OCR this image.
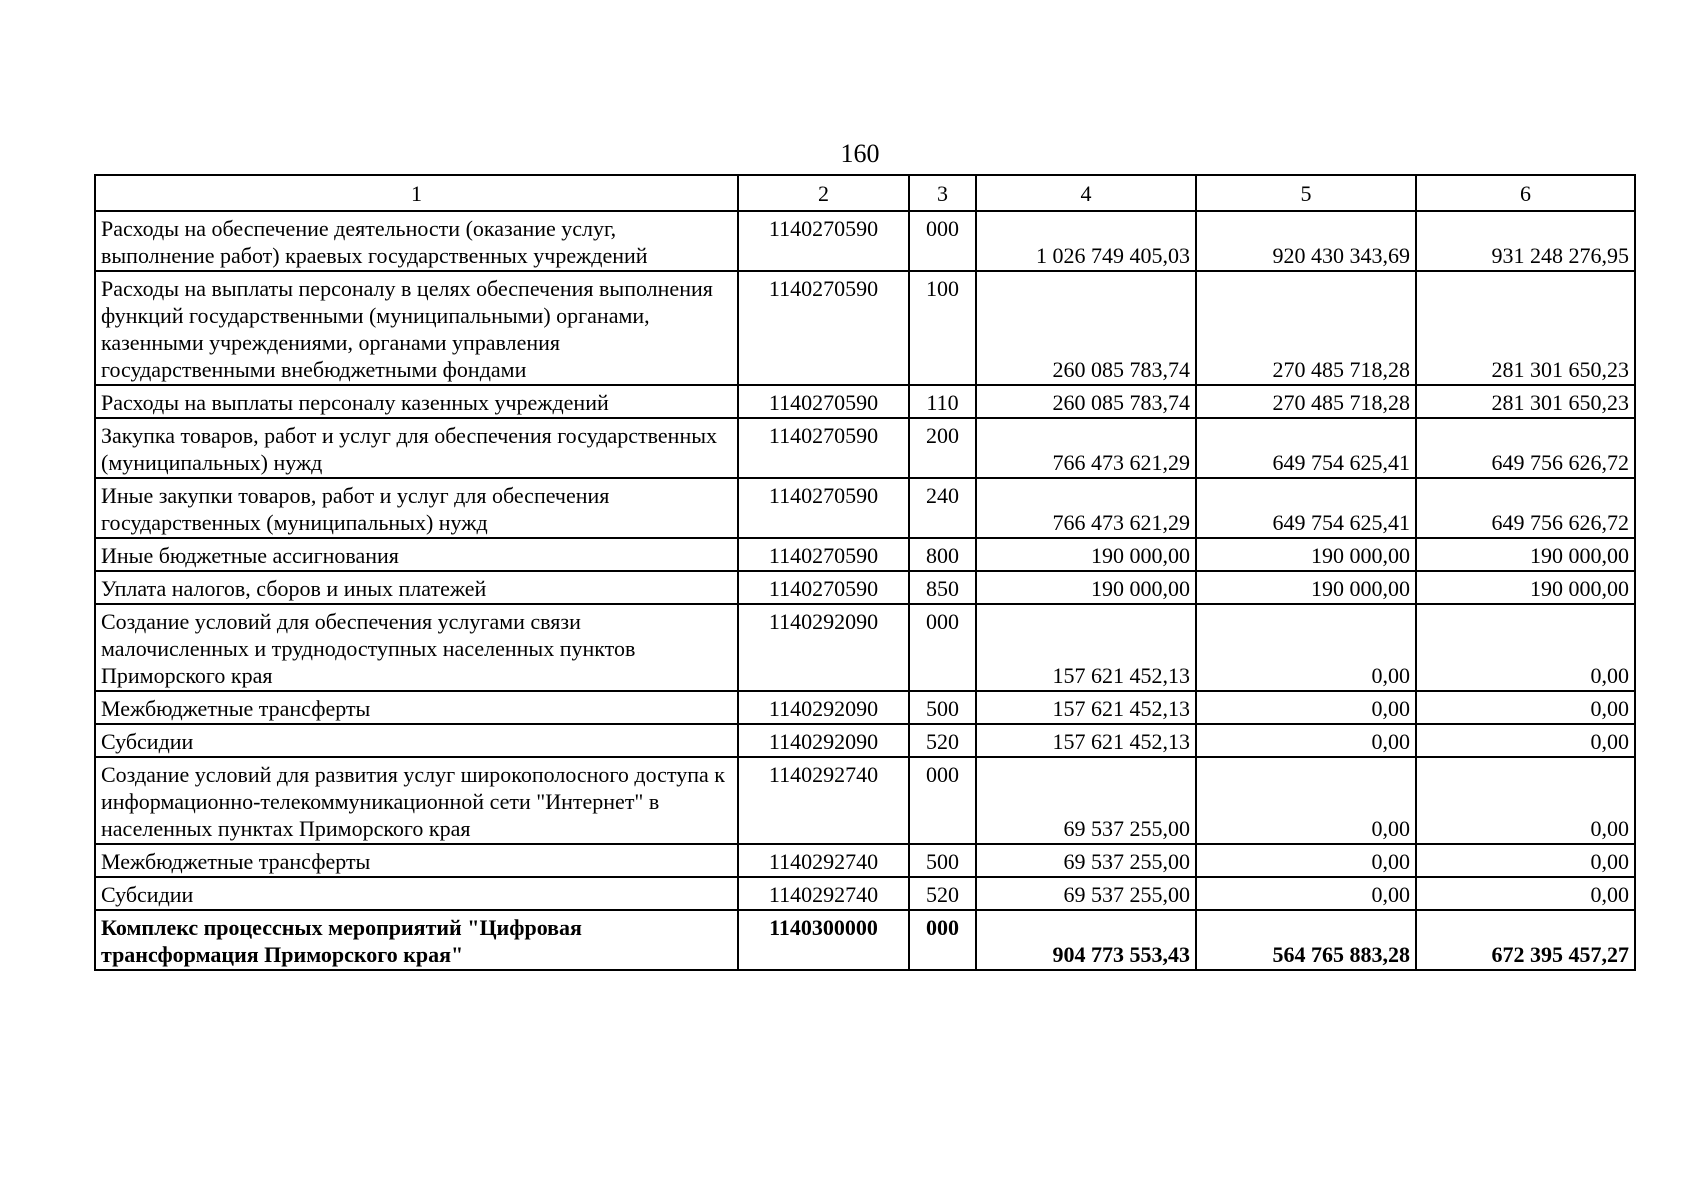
160
1	2	3	4	5	6
Расходы на обеспечение деятельности (оказание услуг, выполнение работ) краевых государственных учреждений	1140270590	000	1 026 749 405,03	920 430 343,69	931 248 276,95
Расходы на выплаты персоналу в целях обеспечения выполнения функций государственными (муниципальными) органами, казенными учреждениями, органами управления государственными внебюджетными фондами	1140270590	100	260 085 783,74	270 485 718,28	281 301 650,23
Расходы на выплаты персоналу казенных учреждений	1140270590	110	260 085 783,74	270 485 718,28	281 301 650,23
Закупка товаров, работ и услуг для обеспечения государственных (муниципальных) нужд	1140270590	200	766 473 621,29	649 754 625,41	649 756 626,72
Иные закупки товаров, работ и услуг для обеспечения государственных (муниципальных) нужд	1140270590	240	766 473 621,29	649 754 625,41	649 756 626,72
Иные бюджетные ассигнования	1140270590	800	190 000,00	190 000,00	190 000,00
Уплата налогов, сборов и иных платежей	1140270590	850	190 000,00	190 000,00	190 000,00
Создание условий для обеспечения услугами связи малочисленных и труднодоступных населенных пунктов Приморского края	1140292090	000	157 621 452,13	0,00	0,00
Межбюджетные трансферты	1140292090	500	157 621 452,13	0,00	0,00
Субсидии	1140292090	520	157 621 452,13	0,00	0,00
Создание условий для развития услуг широкополосного доступа к информационно-телекоммуникационной сети "Интернет" в населенных пунктах Приморского края	1140292740	000	69 537 255,00	0,00	0,00
Межбюджетные трансферты	1140292740	500	69 537 255,00	0,00	0,00
Субсидии	1140292740	520	69 537 255,00	0,00	0,00
Комплекс процессных мероприятий "Цифровая трансформация Приморского края"	1140300000	000	904 773 553,43	564 765 883,28	672 395 457,27
